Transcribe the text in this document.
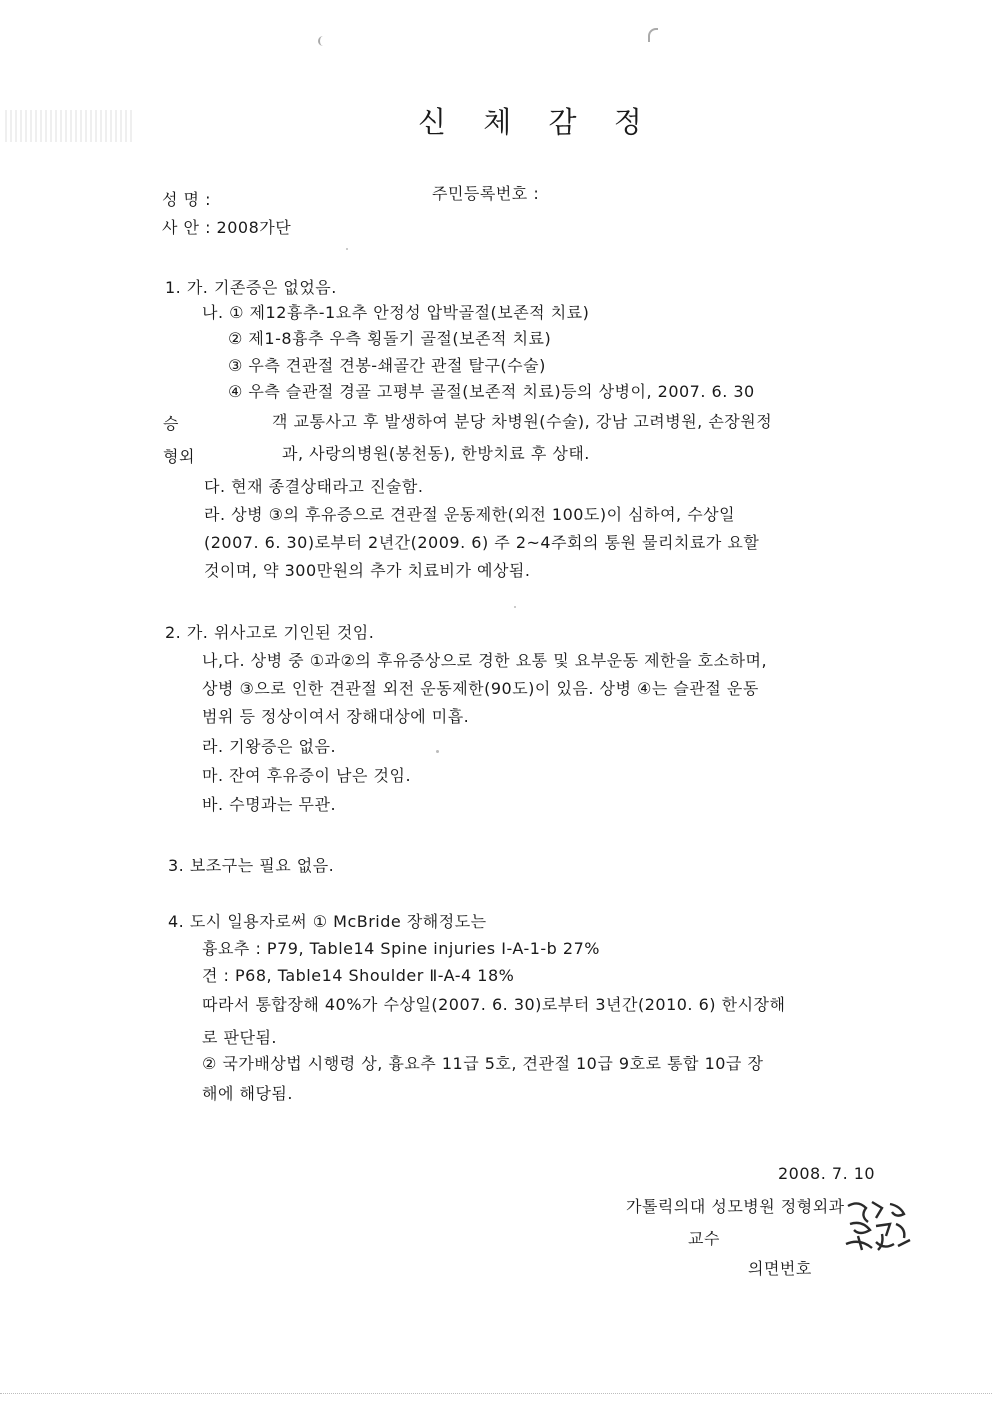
신 체 감 정
성 명 :	주민등록번호 :
사 안 : 2008가단
1. 가. 기존증은 없었음.
나. ① 제12흉추-1요추 안정성 압박골절(보존적 치료)
② 제1-8흉추 우측 횡돌기 골절(보존적 치료)
③ 우측 견관절 견봉-쇄골간 관절 탈구(수술)
④ 우측 슬관절 경골 고평부 골절(보존적 치료)등의 상병이, 2007. 6. 30
승	객 교통사고 후 발생하여 분당 차병원(수술), 강남 고려병원, 손장원정
형외	과, 사랑의병원(봉천동), 한방치료 후 상태.
다. 현재 종결상태라고 진술함.
라. 상병 ③의 후유증으로 견관절 운동제한(외전 100도)이 심하여, 수상일
(2007. 6. 30)로부터 2년간(2009. 6) 주 2~4주회의 통원 물리치료가 요할
것이며, 약 300만원의 추가 치료비가 예상됨.
2. 가. 위사고로 기인된 것임.
나,다. 상병 중 ①과②의 후유증상으로 경한 요통 및 요부운동 제한을 호소하며,
상병 ③으로 인한 견관절 외전 운동제한(90도)이 있음. 상병 ④는 슬관절 운동
범위 등 정상이여서 장해대상에 미흡.
라. 기왕증은 없음.
마. 잔여 후유증이 남은 것임.
바. 수명과는 무관.
3. 보조구는 필요 없음.
4. 도시 일용자로써 ① McBride 장해정도는
흉요추 : P79, Table14 Spine injuries Ⅰ-A-1-b 27%
견 : P68, Table14 Shoulder Ⅱ-A-4 18%
따라서 통합장해 40%가 수상일(2007. 6. 30)로부터 3년간(2010. 6) 한시장해
로 판단됨.
② 국가배상법 시행령 상, 흉요추 11급 5호, 견관절 10급 9호로 통합 10급 장
해에 해당됨.
2008. 7. 10
가톨릭의대 성모병원 정형외과
교수
의면번호
